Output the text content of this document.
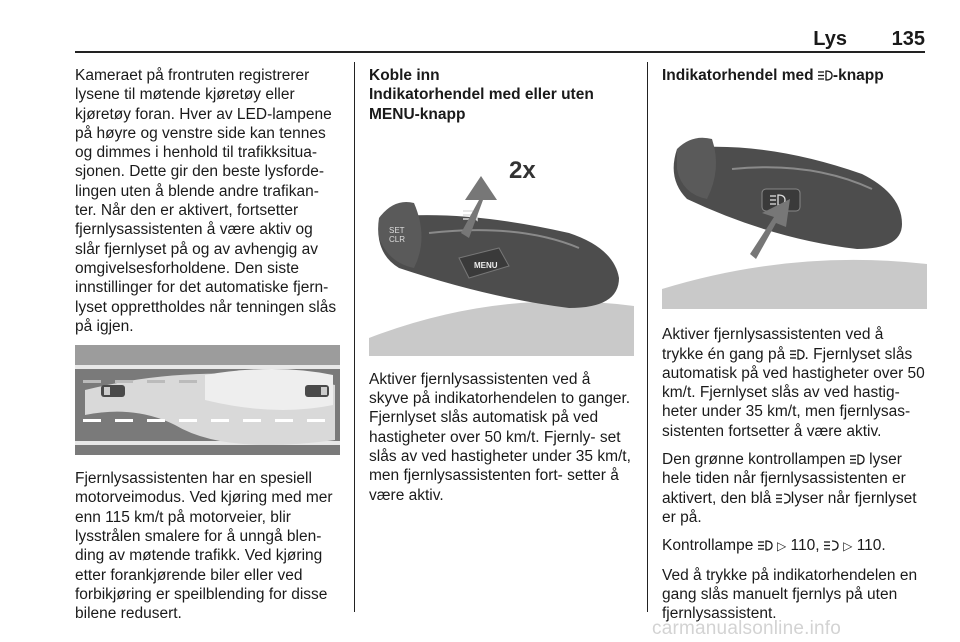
Lys 135

Kameraet på frontruten registrerer lysene til møtende kjøretøy eller kjøretøy foran. Hver av LED-lampene på høyre og venstre side kan tennes og dimmes i henhold til trafikksitua- sjonen. Dette gir den beste lysforde- lingen uten å blende andre trafikan- ter. Når den er aktivert, fortsetter fjernlysassistenten å være aktiv og slår fjernlyset på og av avhengig av omgivelsesforholdene. Den siste innstillinger for det automatiske fjern- lyset opprettholdes når tenningen slås på igjen.

Fjernlysassistenten har en spesiell motorveimodus. Ved kjøring med mer enn 115 km/t på motorveier, blir lysstrålen smalere for å unngå blen- ding av møtende trafikk. Ved kjøring etter forankjørende biler eller ved forbikjøring er speilblending for disse bilene redusert.

Koble inn
Indikatorhendel med eller uten MENU-knapp
SET
CLR
MENU
2x

Aktiver fjernlysassistenten ved å skyve på indikatorhendelen to ganger. Fjernlyset slås automatisk på ved hastigheter over 50 km/t. Fjernly- set slås av ved hastigheter under 35 km/t, men fjernlysassistenten fort- setter å være aktiv.

Indikatorhendel med -knapp

Aktiver fjernlysassistenten ved å trykke én gang på . Fjernlyset slås automatisk på ved hastigheter over 50 km/t. Fjernlyset slås av ved hastig- heter under 35 km/t, men fjernlysas- sistenten fortsetter å være aktiv.

Den grønne kontrollampen lyser hele tiden når fjernlysassistenten er aktivert, den blå lyser når fjernlyset er på.

Kontrollampe ▷ 110, ▷ 110.

Ved å trykke på indikatorhendelen en gang slås manuelt fjernlys på uten fjernlysassistent.

carmanualsonline.info
